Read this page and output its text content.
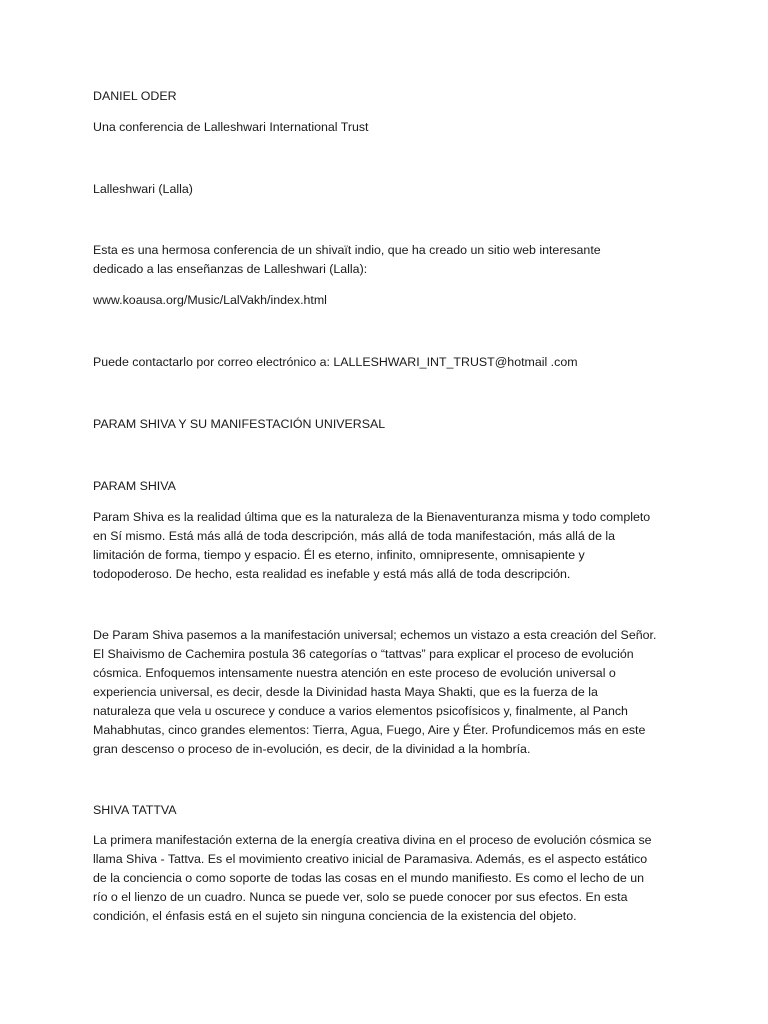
DANIEL ODER

Una conferencia de Lalleshwari International Trust

Lalleshwari (Lalla)

Esta es una hermosa conferencia de un shivaït indio, que ha creado un sitio web interesante
dedicado a las enseñanzas de Lalleshwari (Lalla):

www.koausa.org/Music/LalVakh/index.html

Puede contactarlo por correo electrónico a: LALLESHWARI_INT_TRUST@hotmail .com

PARAM SHIVA Y SU MANIFESTACIÓN UNIVERSAL

PARAM SHIVA

Param Shiva es la realidad última que es la naturaleza de la Bienaventuranza misma y todo completo
en Sí mismo. Está más allá de toda descripción, más allá de toda manifestación, más allá de la
limitación de forma, tiempo y espacio. Él es eterno, infinito, omnipresente, omnisapiente y
todopoderoso. De hecho, esta realidad es inefable y está más allá de toda descripción.
De Param Shiva pasemos a la manifestación universal; echemos un vistazo a esta creación del Señor.
El Shaivismo de Cachemira postula 36 categorías o “tattvas” para explicar el proceso de evolución
cósmica. Enfoquemos intensamente nuestra atención en este proceso de evolución universal o
experiencia universal, es decir, desde la Divinidad hasta Maya Shakti, que es la fuerza de la
naturaleza que vela u oscurece y conduce a varios elementos psicofísicos y, finalmente, al Panch
Mahabhutas, cinco grandes elementos: Tierra, Agua, Fuego, Aire y Éter. Profundicemos más en este
gran descenso o proceso de in-evolución, es decir, de la divinidad a la hombría.

SHIVA TATTVA

La primera manifestación externa de la energía creativa divina en el proceso de evolución cósmica se
llama Shiva - Tattva. Es el movimiento creativo inicial de Paramasiva. Además, es el aspecto estático
de la conciencia o como soporte de todas las cosas en el mundo manifiesto. Es como el lecho de un
río o el lienzo de un cuadro. Nunca se puede ver, solo se puede conocer por sus efectos. En esta
condición, el énfasis está en el sujeto sin ninguna conciencia de la existencia del objeto.
